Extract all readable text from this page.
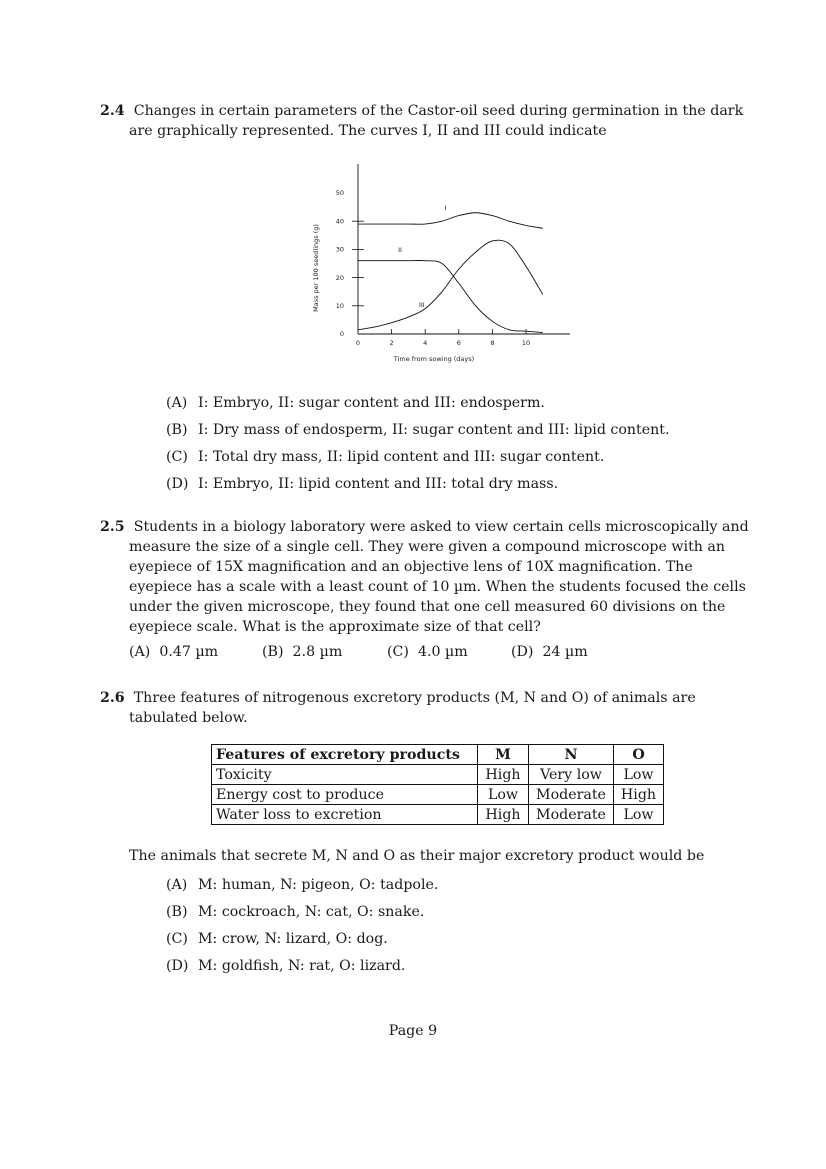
2.4 Changes in certain parameters of the Castor-oil seed during germination in the dark are graphically represented. The curves I, II and III could indicate

0
10
20
30
40
50
0	2	4	6	8	10
I
II
III
Time from sowing (days)
Mass per 100 seedlings (g)
(A) I: Embryo, II: sugar content and III: endosperm.
(B) I: Dry mass of endosperm, II: sugar content and III: lipid content.
(C) I: Total dry mass, II: lipid content and III: sugar content.
(D) I: Embryo, II: lipid content and III: total dry mass.

2.5 Students in a biology laboratory were asked to view certain cells microscopically and measure the size of a single cell. They were given a compound microscope with an eyepiece of 15X magnification and an objective lens of 10X magnification. The eyepiece has a scale with a least count of 10 µm. When the students focused the cells under the given microscope, they found that one cell measured 60 divisions on the eyepiece scale. What is the approximate size of that cell?

(A) 0.47 µm	(B) 2.8 µm	(C) 4.0 µm	(D) 24 µm

2.6 Three features of nitrogenous excretory products (M, N and O) of animals are tabulated below.

Features of excretory products	M	N	O
Toxicity	High	Very low	Low
Energy cost to produce	Low	Moderate	High
Water loss to excretion	High	Moderate	Low
The animals that secrete M, N and O as their major excretory product would be
(A) M: human, N: pigeon, O: tadpole.
(B) M: cockroach, N: cat, O: snake.
(C) M: crow, N: lizard, O: dog.
(D) M: goldfish, N: rat, O: lizard.
Page 9
